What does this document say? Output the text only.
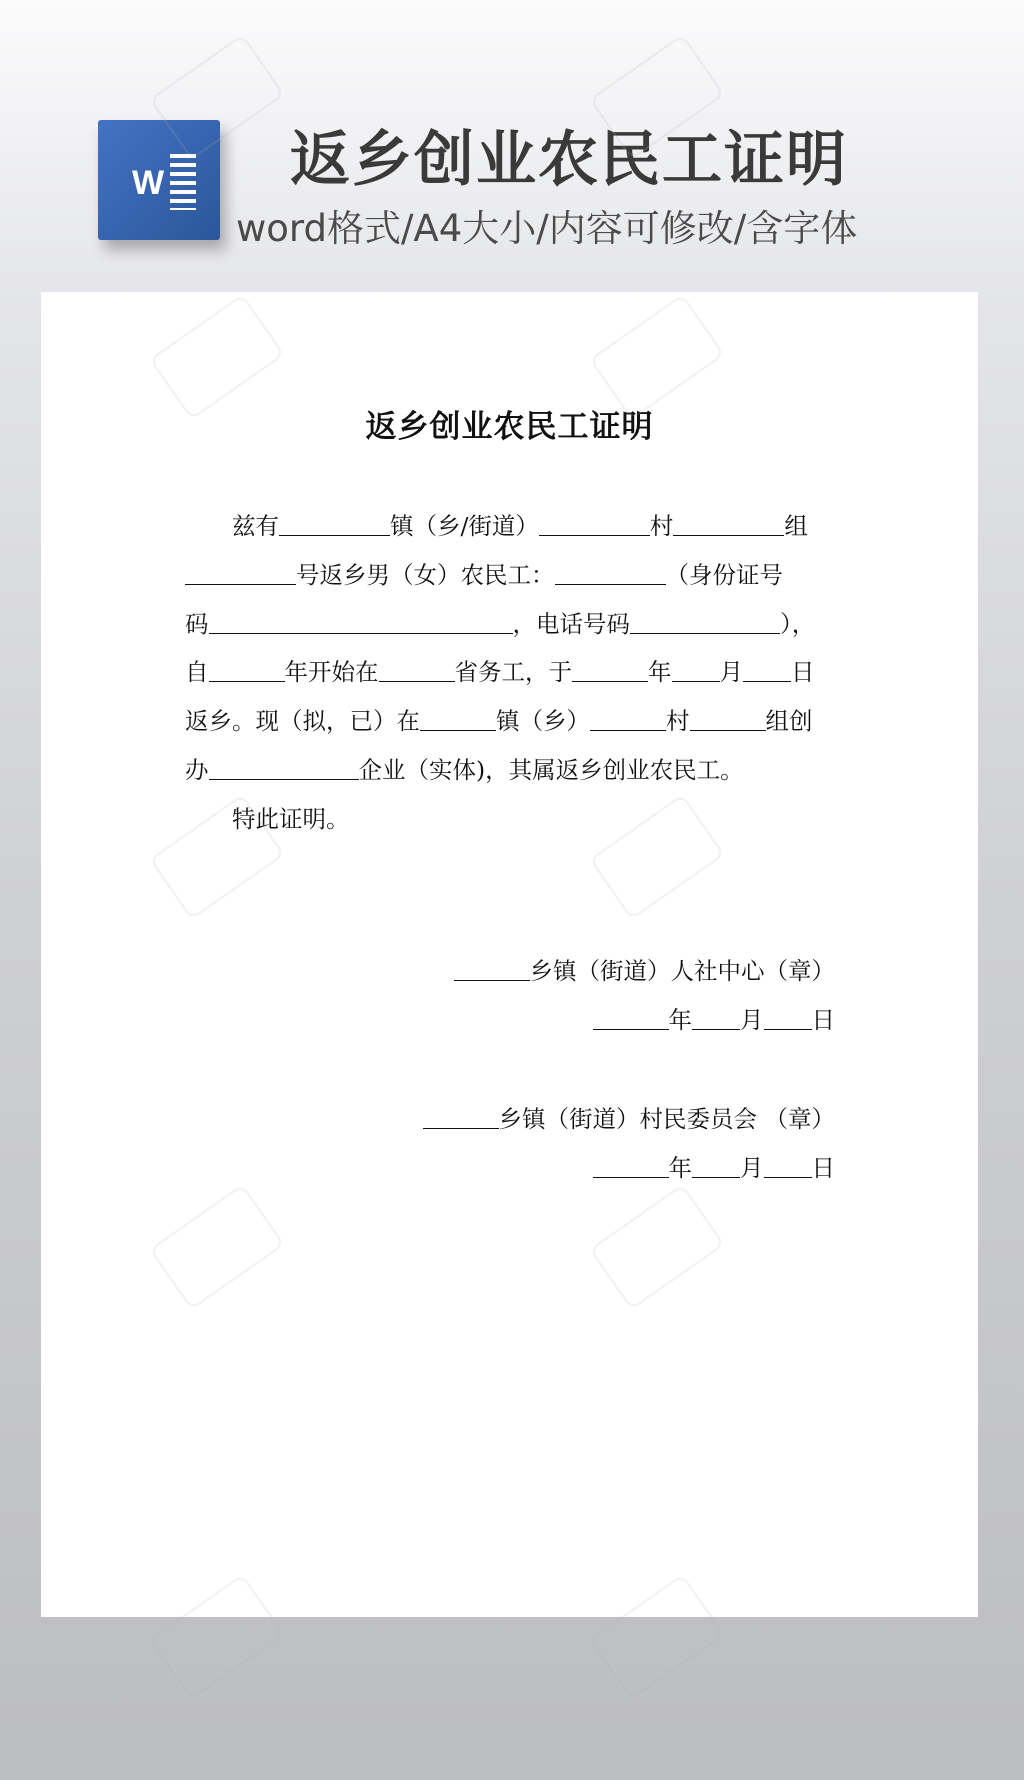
W 返乡创业农民工证明

word格式/A4大小/内容可修改/含字体

返乡创业农民工证明

兹有	镇（乡/街道）	村	组

号返乡男（女）农民工：	（身份证号

码	，电话号码	），

自	年开始在	省务工，于	年 月 日

返乡。现（拟，已）在	镇（乡）	村	组创

办	企业（实体)，其属返乡创业农民工。

特此证明。

乡镇（街道）人社中心（章）

年 月 日

乡镇（街道）村民委员会 （章）

年 月 日
